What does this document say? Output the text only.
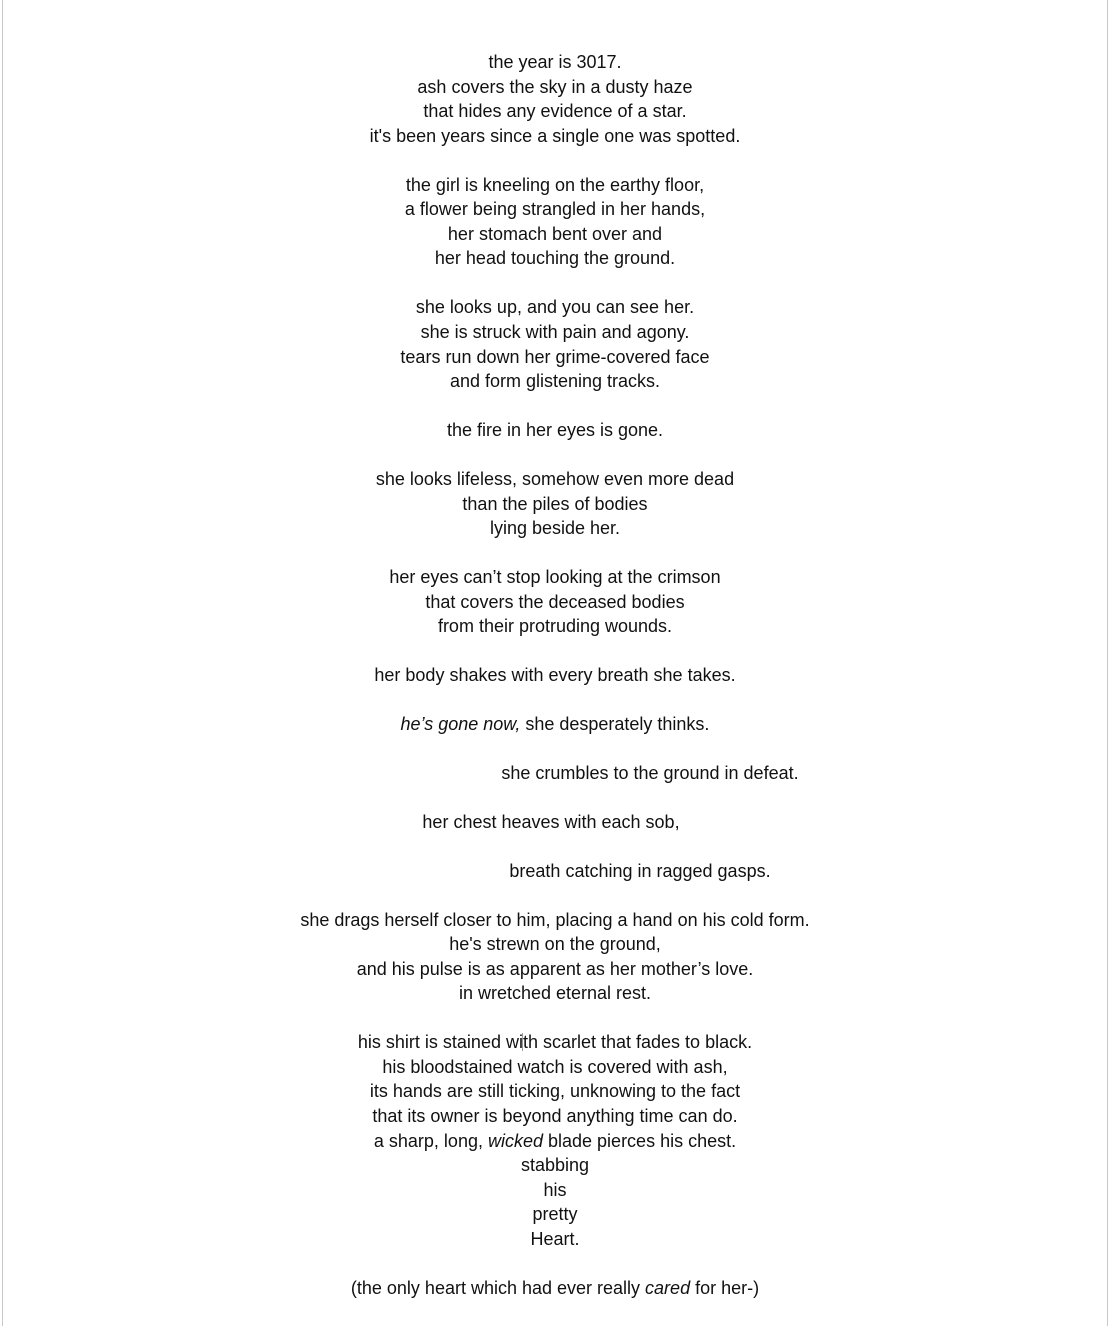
the year is 3017.
ash covers the sky in a dusty haze
that hides any evidence of a star.
it's been years since a single one was spotted.
the girl is kneeling on the earthy floor,
a flower being strangled in her hands,
her stomach bent over and
her head touching the ground.
she looks up, and you can see her.
she is struck with pain and agony.
tears run down her grime-covered face
and form glistening tracks.
the fire in her eyes is gone.
she looks lifeless, somehow even more dead
than the piles of bodies
lying beside her.
her eyes can’t stop looking at the crimson
that covers the deceased bodies
from their protruding wounds.
her body shakes with every breath she takes.
he’s gone now, she desperately thinks.
she crumbles to the ground in defeat.
her chest heaves with each sob,
breath catching in ragged gasps.
she drags herself closer to him, placing a hand on his cold form.
he's strewn on the ground,
and his pulse is as apparent as her mother’s love.
in wretched eternal rest.
his shirt is stained with scarlet that fades to black.
his bloodstained watch is covered with ash,
its hands are still ticking, unknowing to the fact
that its owner is beyond anything time can do.
a sharp, long, wicked blade pierces his chest.
stabbing
his
pretty
Heart.
(the only heart which had ever really cared for her-)
